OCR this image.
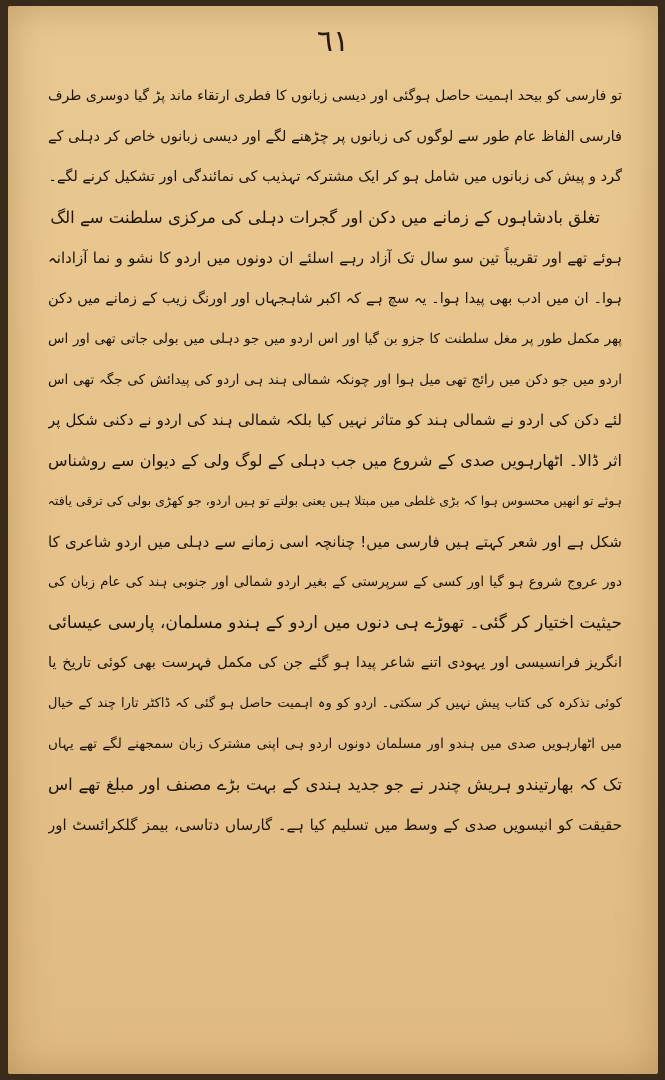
٦١
تو فارسی کو بیحد اہمیت حاصل ہوگئی اور دیسی زبانوں کا فطری ارتقاء ماند پڑ گیا دوسری طرف
فارسی الفاظ عام طور سے لوگوں کی زبانوں پر چڑھنے لگے اور دیسی زبانوں خاص کر دہلی کے
گرد و پیش کی زبانوں میں شامل ہو کر ایک مشترکہ تہذیب کی نمائندگی اور تشکیل کرنے لگے۔
تغلق بادشاہوں کے زمانے میں دکن اور گجرات دہلی کی مرکزی سلطنت سے الگ
ہوئے تھے اور تقریباً تین سو سال تک آزاد رہے اسلئے ان دونوں میں اردو کا نشو و نما آزادانہ
ہوا۔ ان میں ادب بھی پیدا ہوا۔ یہ سچ ہے کہ اکبر شاہجہاں اور اورنگ زیب کے زمانے میں دکن
پھر مکمل طور پر مغل سلطنت کا جزو بن گیا اور اس اردو میں جو دہلی میں بولی جاتی تھی اور اس
اردو میں جو دکن میں رائج تھی میل ہوا اور چونکہ شمالی ہند ہی اردو کی پیدائش کی جگہ تھی اس
لئے دکن کی اردو نے شمالی ہند کو متاثر نہیں کیا بلکہ شمالی ہند کی اردو نے دکنی شکل پر
اثر ڈالا۔ اٹھارہویں صدی کے شروع میں جب دہلی کے لوگ ولی کے دیوان سے روشناس
ہوئے تو انھیں محسوس ہوا کہ بڑی غلطی میں مبتلا ہیں یعنی بولتے تو ہیں اردو، جو کھڑی بولی کی ترقی یافتہ
شکل ہے اور شعر کہتے ہیں فارسی میں! چنانچہ اسی زمانے سے دہلی میں اردو شاعری کا
دور عروج شروع ہو گیا اور کسی کے سرپرستی کے بغیر اردو شمالی اور جنوبی ہند کی عام زبان کی
حیثیت اختیار کر گئی۔ تھوڑے ہی دنوں میں اردو کے ہندو مسلمان، پارسی عیسائی
انگریز فرانسیسی اور یہودی اتنے شاعر پیدا ہو گئے جن کی مکمل فہرست بھی کوئی تاریخ یا
کوئی تذکرہ کی کتاب پیش نہیں کر سکتی۔ اردو کو وہ اہمیت حاصل ہو گئی کہ ڈاکٹر تارا چند کے خیال
میں اٹھارہویں صدی میں ہندو اور مسلمان دونوں اردو ہی اپنی مشترک زبان سمجھنے لگے تھے یہاں
تک کہ بھارتیندو ہریش چندر نے جو جدید ہندی کے بہت بڑے مصنف اور مبلغ تھے اس
حقیقت کو انیسویں صدی کے وسط میں تسلیم کیا ہے۔ گارساں دتاسی، بیمز گلکرائسٹ اور
